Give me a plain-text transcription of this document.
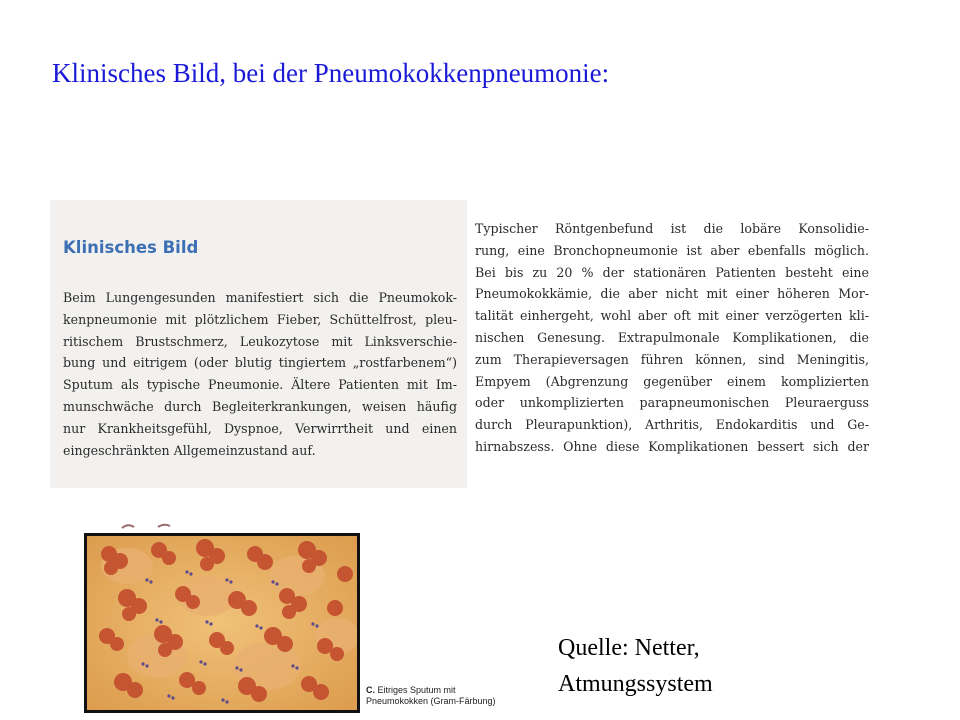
Klinisches Bild, bei der Pneumokokkenpneumonie:
Klinisches Bild
Beim Lungengesunden manifestiert sich die Pneumokok-
kenpneumonie mit plötzlichem Fieber, Schüttelfrost, pleu-
ritischem Brustschmerz, Leukozytose mit Linksverschie-
bung und eitrigem (oder blutig tingiertem „rostfarbenem“)
Sputum als typische Pneumonie. Ältere Patienten mit Im-
munschwäche durch Begleiterkrankungen, weisen häufig
nur Krankheitsgefühl, Dyspnoe, Verwirrtheit und einen
eingeschränkten Allgemeinzustand auf.
Typischer Röntgenbefund ist die lobäre Konsolidie-
rung, eine Bronchopneumonie ist aber ebenfalls möglich.
Bei bis zu 20 % der stationären Patienten besteht eine
Pneumokokkämie, die aber nicht mit einer höheren Mor-
talität einhergeht, wohl aber oft mit einer verzögerten kli-
nischen Genesung. Extrapulmonale Komplikationen, die
zum Therapieversagen führen können, sind Meningitis,
Empyem (Abgrenzung gegenüber einem komplizierten
oder unkomplizierten parapneumonischen Pleuraerguss
durch Pleurapunktion), Arthritis, Endokarditis und Ge-
hirnabszess. Ohne diese Komplikationen bessert sich der
C. Eitriges Sputum mit
Pneumokokken (Gram-Färbung)
Quelle: Netter,
Atmungssystem
